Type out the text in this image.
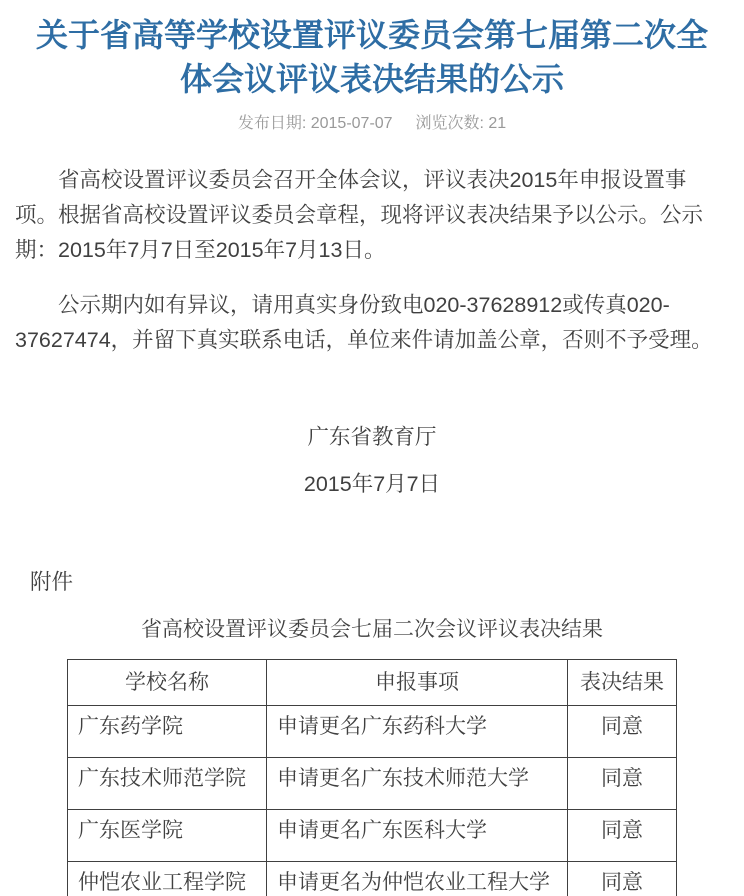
关于省高等学校设置评议委员会第七届第二次全体会议评议表决结果的公示
发布日期: 2015-07-07 浏览次数: 21

省高校设置评议委员会召开全体会议，评议表决2015年申报设置事项。根据省高校设置评议委员会章程，现将评议表决结果予以公示。公示期：2015年7月7日至2015年7月13日。

公示期内如有异议，请用真实身份致电020-37628912或传真020-37627474，并留下真实联系电话，单位来件请加盖公章，否则不予受理。

广东省教育厅
2015年7月7日
附件
省高校设置评议委员会七届二次会议评议表决结果
学校名称	申报事项	表决结果
广东药学院	申请更名广东药科大学	同意
广东技术师范学院	申请更名广东技术师范大学	同意
广东医学院	申请更名广东医科大学	同意
仲恺农业工程学院	申请更名为仲恺农业工程大学	同意
